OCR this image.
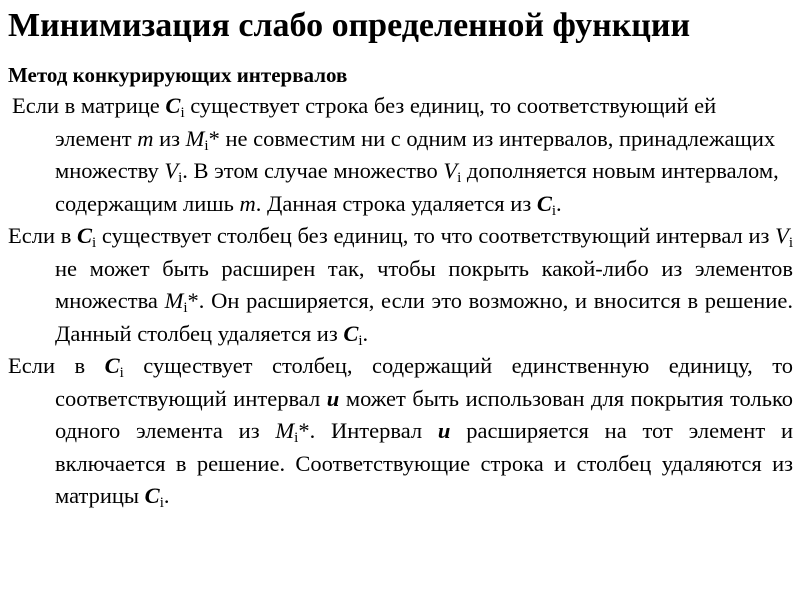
Минимизация слабо определенной функции

Метод конкурирующих интервалов

Если в матрице $C_i$ существует строка без единиц, то соответствующий ей элемент m из $M_i*$ не совместим ни с одним из интервалов, принадлежащих множеству $V_i$. В этом случае множество $V_i$ дополняется новым интервалом, содержащим лишь m. Данная строка удаляется из $C_i$.

Если в $C_i$ существует столбец без единиц, то что соответствующий интервал из $V_i$ не может быть расширен так, чтобы покрыть какой-либо из элементов множества $M_i*$. Он расширяется, если это возможно, и вносится в решение. Данный столбец удаляется из $C_i$.

Если в $C_i$ существует столбец, содержащий единственную единицу, то соответствующий интервал u может быть использован для покрытия только одного элемента из $M_i*$. Интервал u расширяется на тот элемент и включается в решение. Соответствующие строка и столбец удаляются из матрицы $C_i$.
